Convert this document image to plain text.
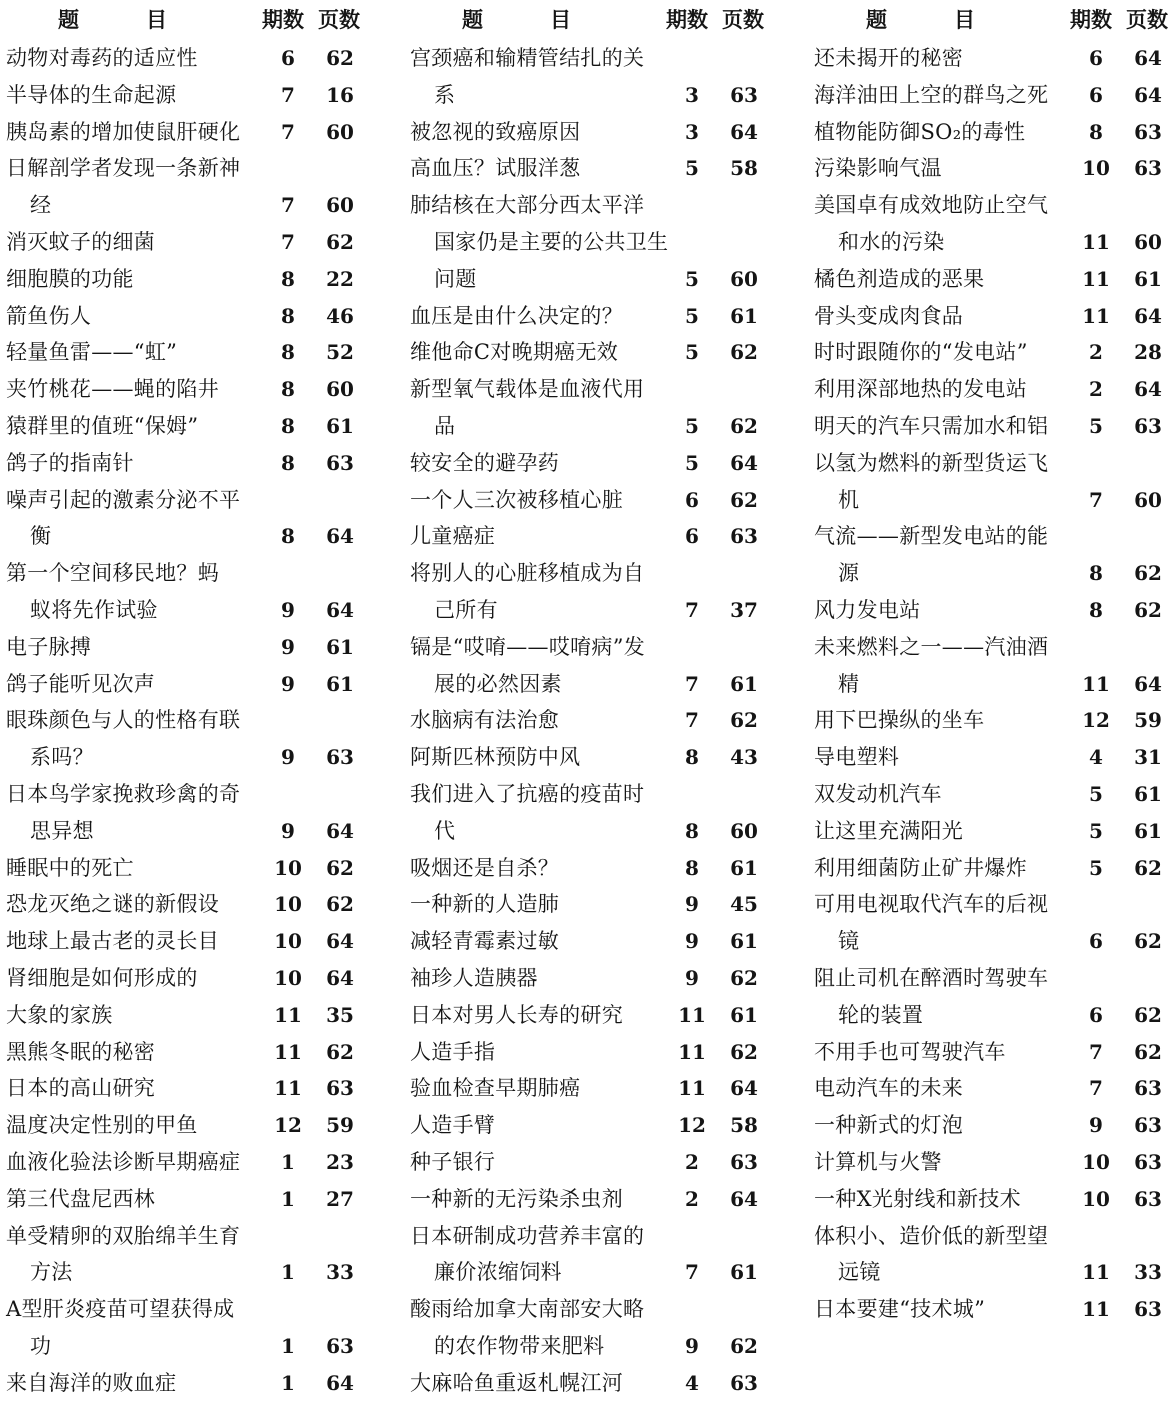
题	目	期数 页数
动物对毒药的适应性	6	62
半导体的生命起源	7	16
胰岛素的增加使鼠肝硬化	7	60
日解剖学者发现一条新神
经	7	60
消灭蚊子的细菌	7	62
细胞膜的功能	8	22
箭鱼伤人	8	46
轻量鱼雷——“虹”	8	52
夹竹桃花——蝇的陷井	8	60
猿群里的值班“保姆”	8	61
鸽子的指南针	8	63
噪声引起的激素分泌不平
衡	8	64
第一个空间移民地？蚂
蚁将先作试验	9	64
电子脉搏	9	61
鸽子能听见次声	9	61
眼珠颜色与人的性格有联
系吗？	9	63
日本鸟学家挽救珍禽的奇
思异想	9	64
睡眠中的死亡	10 62
恐龙灭绝之谜的新假设	10 62
地球上最古老的灵长目	10 64
肾细胞是如何形成的	10 64
大象的家族	11 35
黑熊冬眠的秘密	11 62
日本的高山研究	11 63
温度决定性别的甲鱼	12 59
血液化验法诊断早期癌症	1	23
第三代盘尼西林	1	27
单受精卵的双胎绵羊生育
方法	1	33
A型肝炎疫苗可望获得成
功	1	63
来自海洋的败血症	1	64
题	目	期数 页数
宫颈癌和输精管结扎的关
系	3	63
被忽视的致癌原因	3	64
高血压？试服洋葱	5	58
肺结核在大部分西太平洋
国家仍是主要的公共卫生
问题	5	60
血压是由什么决定的？	5	61
维他命C对晚期癌无效	5	62
新型氧气载体是血液代用
品	5	62
较安全的避孕药	5	64
一个人三次被移植心脏	6	62
儿童癌症	6	63
将别人的心脏移植成为自
己所有	7	37
镉是“哎唷——哎唷病”发
展的必然因素	7	61
水脑病有法治愈	7	62
阿斯匹林预防中风	8	43
我们进入了抗癌的疫苗时
代	8	60
吸烟还是自杀？	8	61
一种新的人造肺	9	45
减轻青霉素过敏	9	61
袖珍人造胰器	9	62
日本对男人长寿的研究	11 61
人造手指	11 62
验血检查早期肺癌	11 64
人造手臂	12 58
种子银行	2	63
一种新的无污染杀虫剂	2	64
日本研制成功营养丰富的
廉价浓缩饲料	7	61
酸雨给加拿大南部安大略
的农作物带来肥料	9	62
大麻哈鱼重返札幌江河	4	63
题	目	期数 页数
还未揭开的秘密	6	64
海洋油田上空的群鸟之死	6	64
植物能防御SO₂的毒性	8	63
污染影响气温	10 63
美国卓有成效地防止空气
和水的污染	11 60
橘色剂造成的恶果	11 61
骨头变成肉食品	11 64
时时跟随你的“发电站”	2	28
利用深部地热的发电站	2	64
明天的汽车只需加水和铝	5	63
以氢为燃料的新型货运飞
机	7	60
气流——新型发电站的能
源	8	62
风力发电站	8	62
未来燃料之一——汽油酒
精	11 64
用下巴操纵的坐车	12 59
导电塑料	4	31
双发动机汽车	5	61
让这里充满阳光	5	61
利用细菌防止矿井爆炸	5	62
可用电视取代汽车的后视
镜	6	62
阻止司机在醉酒时驾驶车
轮的装置	6	62
不用手也可驾驶汽车	7	62
电动汽车的未来	7	63
一种新式的灯泡	9	63
计算机与火警	10 63
一种X光射线和新技术	10 63
体积小、造价低的新型望
远镜	11 33
日本要建“技术城”	11 63
